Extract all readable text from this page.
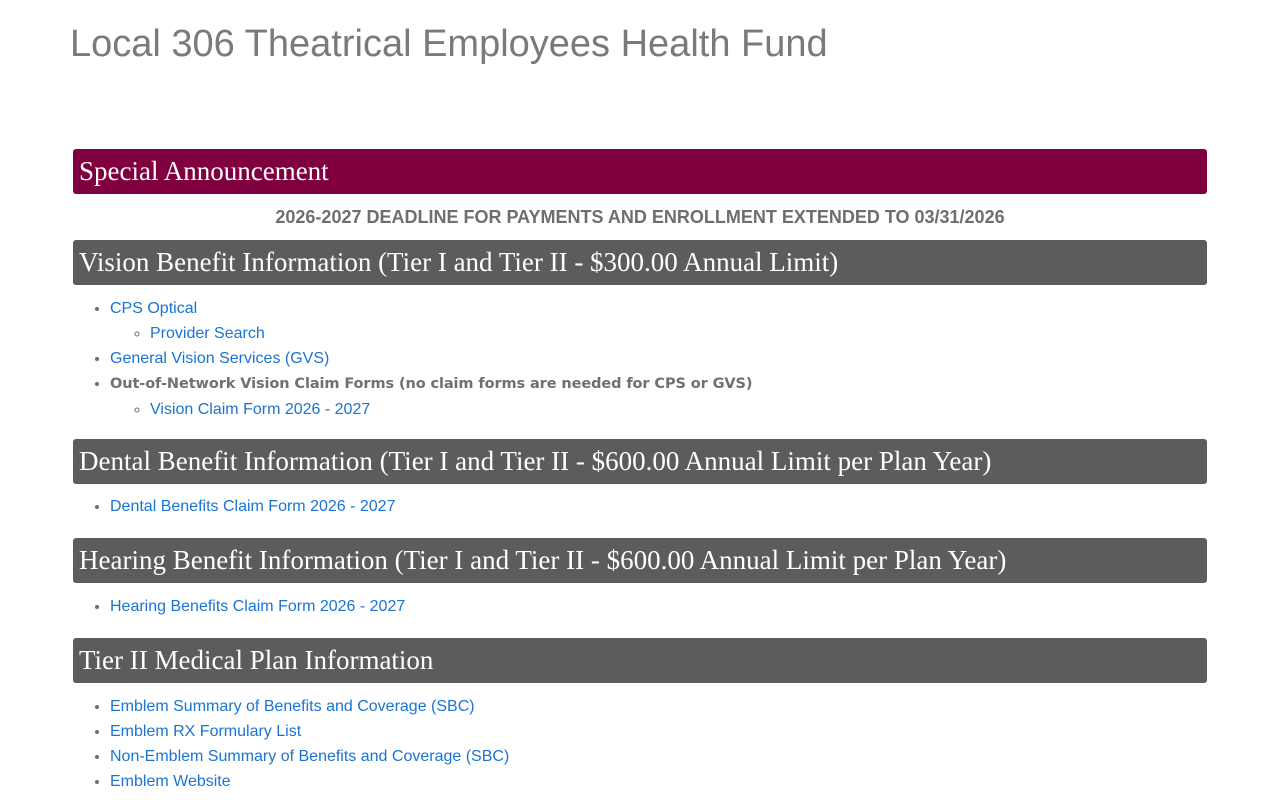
Local 306 Theatrical Employees Health Fund
Special Announcement
2026-2027 DEADLINE FOR PAYMENTS AND ENROLLMENT EXTENDED TO 03/31/2026
Vision Benefit Information (Tier I and Tier II - $300.00 Annual Limit)
• CPS Optical
◦ Provider Search
• General Vision Services (GVS)
• Out-of-Network Vision Claim Forms (no claim forms are needed for CPS or GVS)
◦ Vision Claim Form 2026 - 2027
Dental Benefit Information (Tier I and Tier II - $600.00 Annual Limit per Plan Year)
• Dental Benefits Claim Form 2026 - 2027
Hearing Benefit Information (Tier I and Tier II - $600.00 Annual Limit per Plan Year)
• Hearing Benefits Claim Form 2026 - 2027
Tier II Medical Plan Information
• Emblem Summary of Benefits and Coverage (SBC)
• Emblem RX Formulary List
• Non-Emblem Summary of Benefits and Coverage (SBC)
• Emblem Website
